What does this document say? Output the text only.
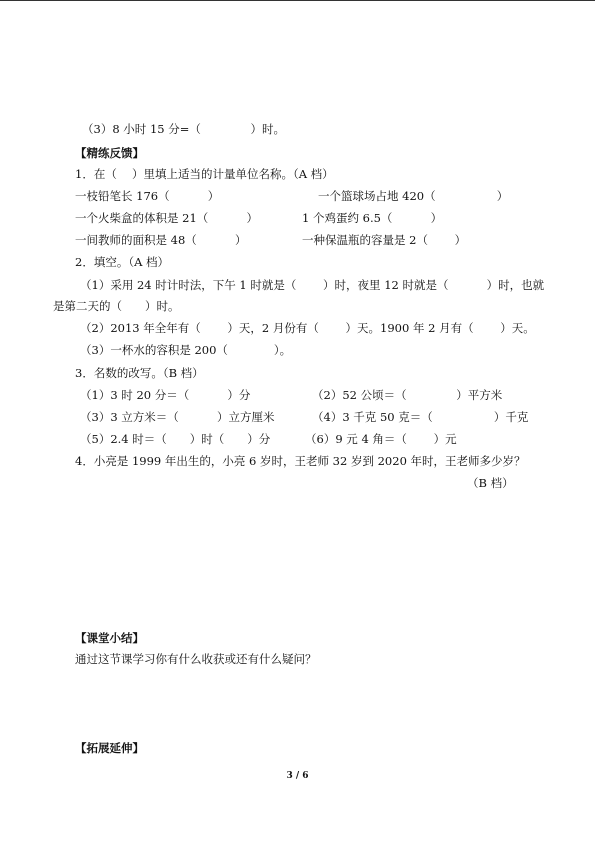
（3）8 小时 15 分=（　　　　 ）时。
【精练反馈】
1．在（　 ）里填上适当的计量单位名称。（A 档）
一枝铅笔长 176（　　　 ）	一个篮球场占地 420（　　　　　 ）
一个火柴盒的体积是 21（　　　 ）	1 个鸡蛋约 6.5（　　　 ）
一间教师的面积是 48（　　　 ）	一种保温瓶的容量是 2（　　 ）
2．填空。（A 档）
（1）采用 24 时计时法，下午 1 时就是（　　 ）时，夜里 12 时就是（　　　 ）时，也就
是第二天的（　　）时。
（2）2013 年全年有（　　 ）天，2 月份有（　　 ）天。1900 年 2 月有（　　 ）天。
（3）一杯水的容积是 200（　　　　）。
3．名数的改写。（B 档）
（1）3 时 20 分＝（　　　 ）分	（2）52 公顷＝（　　　　 ）平方米
（3）3 立方米＝（　　　 ）立方厘米	（4）3 千克 50 克＝（　　　　　 ）千克
（5）2.4 时＝（　　）时（　　）分	（6）9 元 4 角＝（　　 ）元
4．小亮是 1999 年出生的，小亮 6 岁时，王老师 32 岁到 2020 年时，王老师多少岁？
（B 档）
【课堂小结】
通过这节课学习你有什么收获或还有什么疑问？
【拓展延伸】
3 / 6
